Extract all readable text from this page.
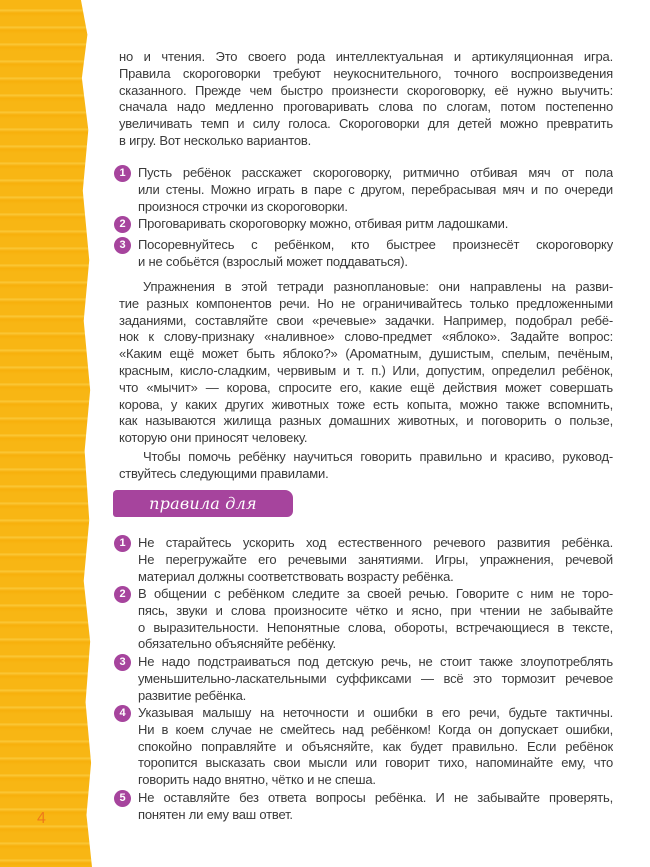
4
но и чтения. Это своего рода интеллектуальная и артикуляционная игра.
Правила скороговорки требуют неукоснительного, точного воспроизведения
сказанного. Прежде чем быстро произнести скороговорку, её нужно выучить:
сначала надо медленно проговаривать слова по слогам, потом постепенно
увеличивать темп и силу голоса. Скороговорки для детей можно превратить
в игру. Вот несколько вариантов.
1 Пусть ребёнок расскажет скороговорку, ритмично отбивая мяч от пола
или стены. Можно играть в паре с другом, перебрасывая мяч и по очереди
произнося строчки из скороговорки.
2 Проговаривать скороговорку можно, отбивая ритм ладошками.
3 Посоревнуйтесь с ребёнком, кто быстрее произнесёт скороговорку
и не собьётся (взрослый может поддаваться).
Упражнения в этой тетради разноплановые: они направлены на разви-
тие разных компонентов речи. Но не ограничивайтесь только предложенными
заданиями, составляйте свои «речевые» задачки. Например, подобрал ребё-
нок к слову-признаку «наливное» слово-предмет «яблоко». Задайте вопрос:
«Каким ещё может быть яблоко?» (Ароматным, душистым, спелым, печёным,
красным, кисло-сладким, червивым и т. п.) Или, допустим, определил ребёнок,
что «мычит» — корова, спросите его, какие ещё действия может совершать
корова, у каких других животных тоже есть копыта, можно также вспомнить,
как называются жилища разных домашних животных, и поговорить о пользе,
которую они приносят человеку.
Чтобы помочь ребёнку научиться говорить правильно и красиво, руковод-
ствуйтесь следующими правилами.
правила для взрослых
1 Не старайтесь ускорить ход естественного речевого развития ребёнка.
Не перегружайте его речевыми занятиями. Игры, упражнения, речевой
материал должны соответствовать возрасту ребёнка.
2 В общении с ребёнком следите за своей речью. Говорите с ним не торо-
пясь, звуки и слова произносите чётко и ясно, при чтении не забывайте
о выразительности. Непонятные слова, обороты, встречающиеся в тексте,
обязательно объясняйте ребёнку.
3 Не надо подстраиваться под детскую речь, не стоит также злоупотреблять
уменьшительно-ласкательными суффиксами — всё это тормозит речевое
развитие ребёнка.
4 Указывая малышу на неточности и ошибки в его речи, будьте тактичны.
Ни в коем случае не смейтесь над ребёнком! Когда он допускает ошибки,
спокойно поправляйте и объясняйте, как будет правильно. Если ребёнок
торопится высказать свои мысли или говорит тихо, напоминайте ему, что
говорить надо внятно, чётко и не спеша.
5 Не оставляйте без ответа вопросы ребёнка. И не забывайте проверять,
понятен ли ему ваш ответ.
